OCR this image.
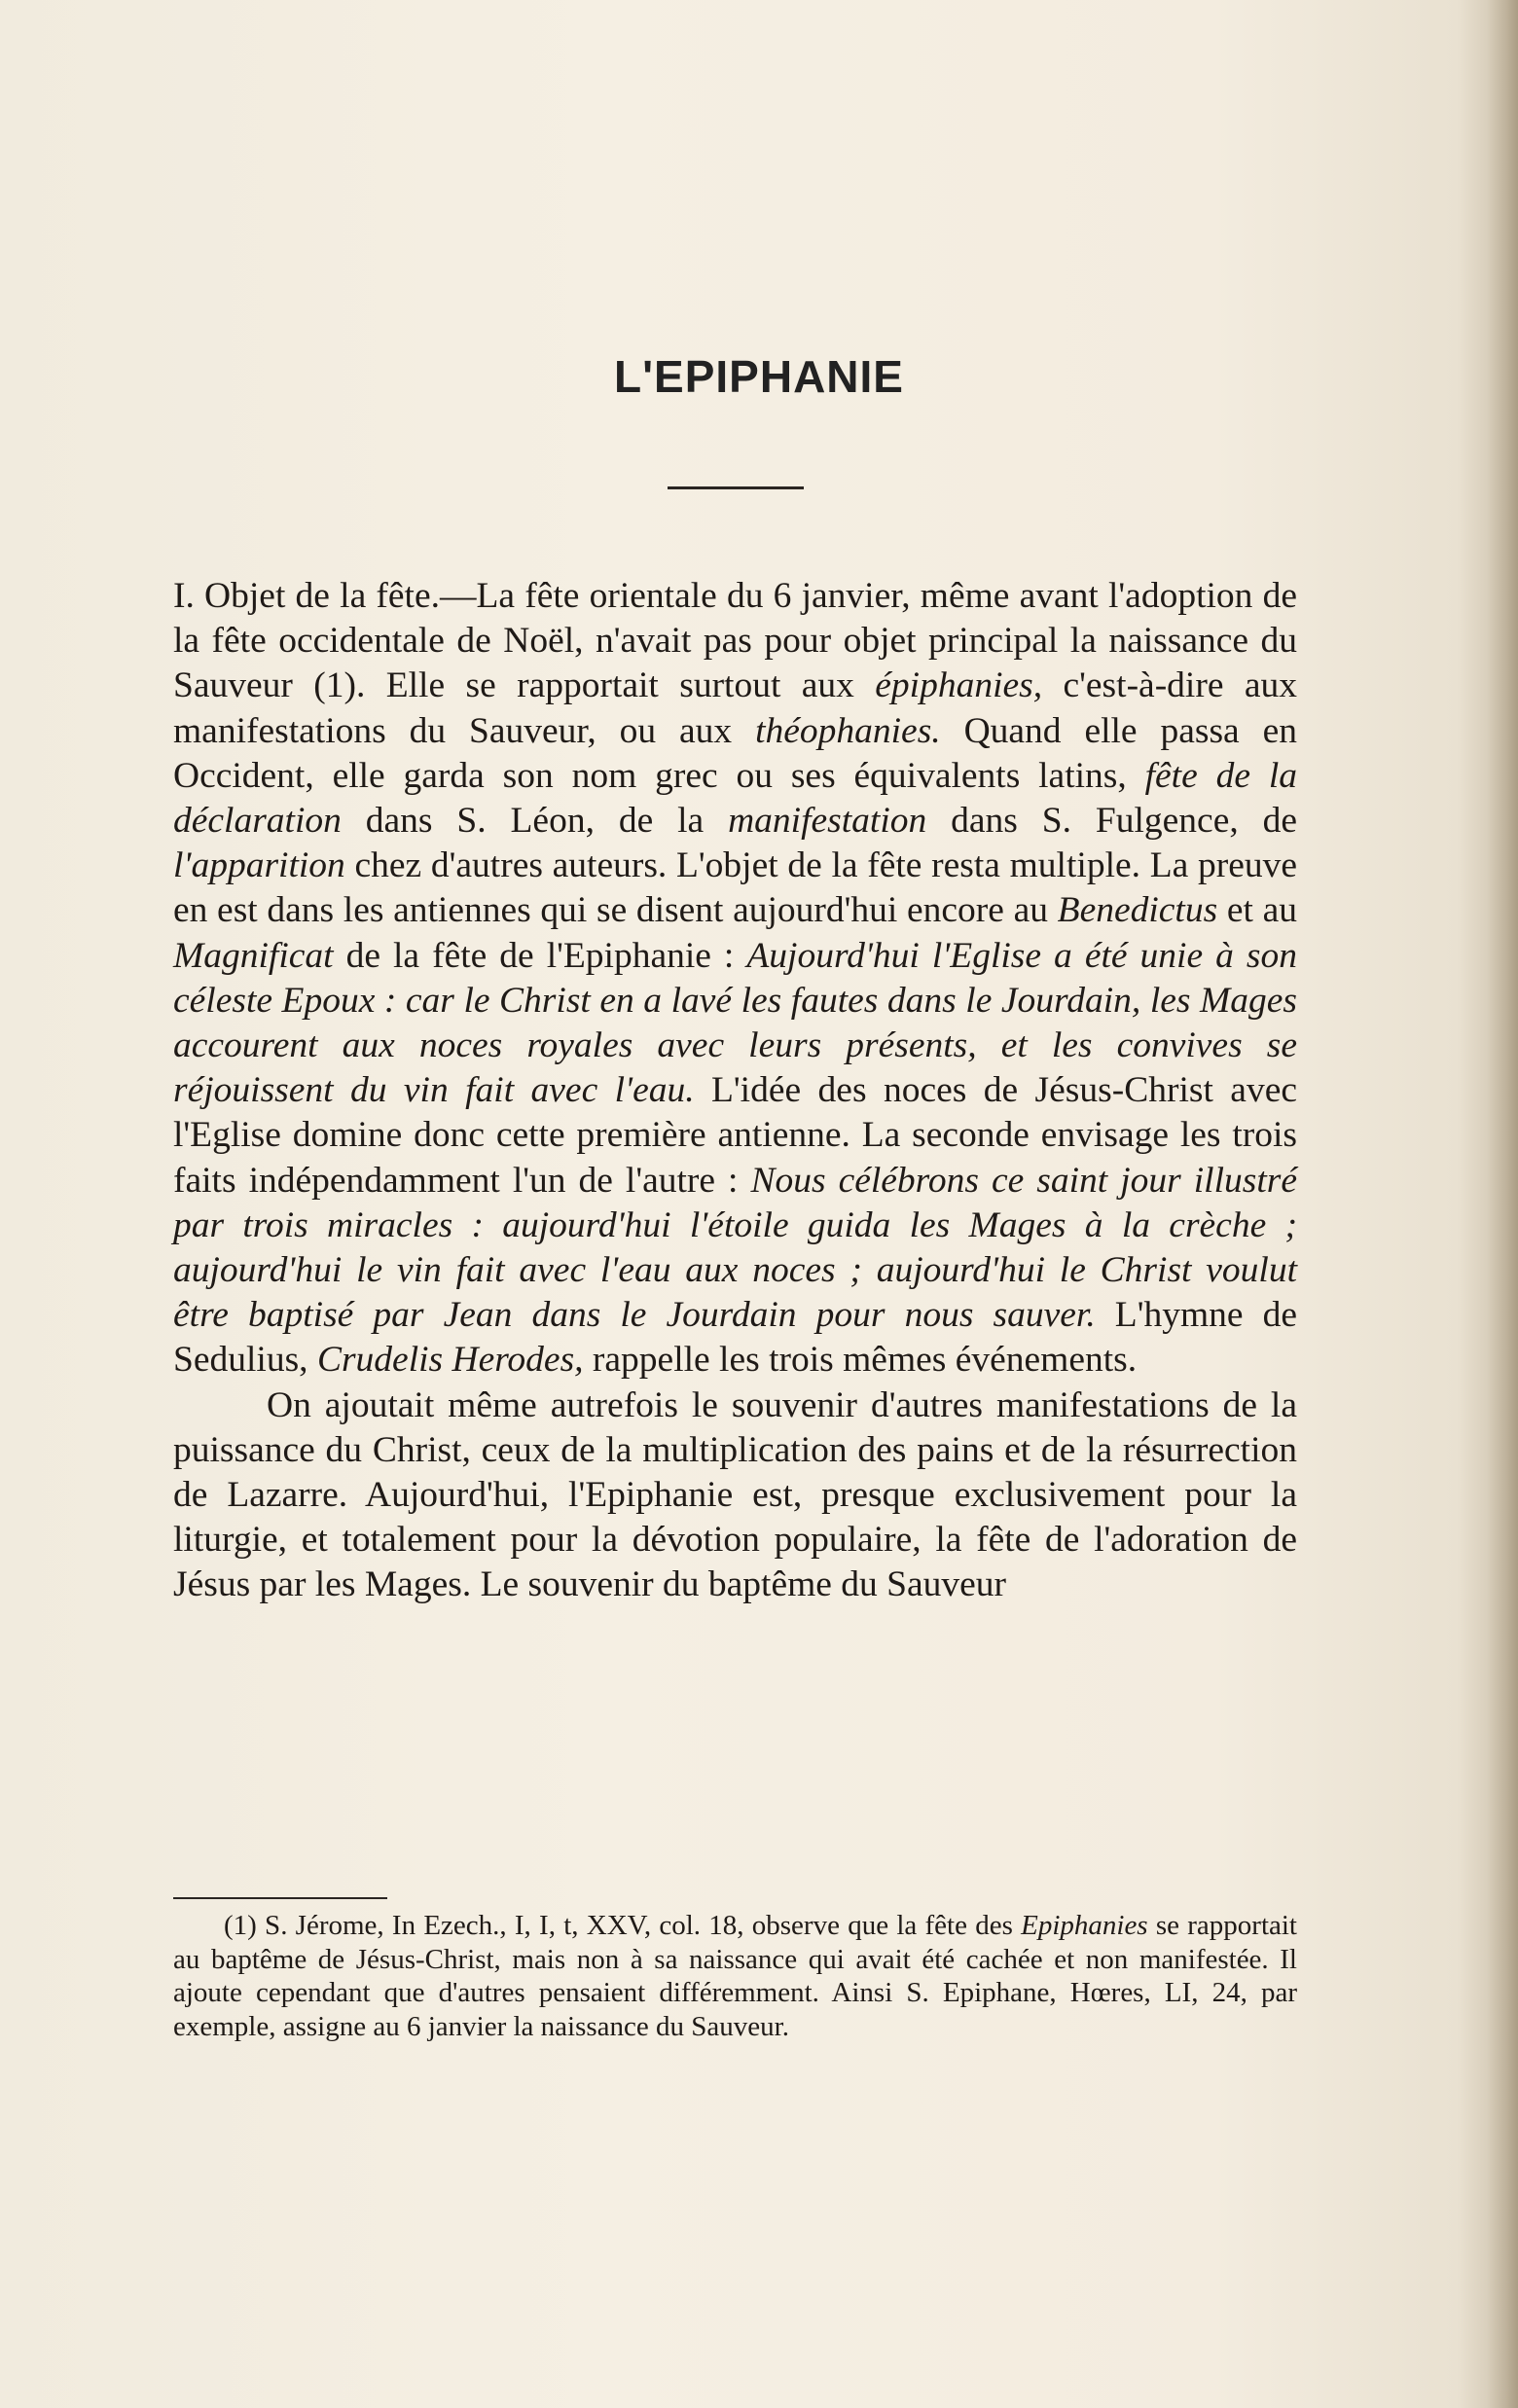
L'EPIPHANIE

I. Objet de la fête.—La fête orientale du 6 janvier, même avant l'adoption de la fête occidentale de Noël, n'avait pas pour objet principal la naissance du Sauveur (1). Elle se rapportait surtout aux épiphanies, c'est-à-dire aux manifestations du Sauveur, ou aux théophanies. Quand elle passa en Occident, elle garda son nom grec ou ses équivalents latins, fête de la déclaration dans S. Léon, de la manifestation dans S. Fulgence, de l'apparition chez d'autres auteurs. L'objet de la fête resta multiple. La preuve en est dans les antiennes qui se disent aujourd'hui encore au Benedictus et au Magnificat de la fête de l'Epiphanie : Aujourd'hui l'Eglise a été unie à son céleste Epoux : car le Christ en a lavé les fautes dans le Jourdain, les Mages accourent aux noces royales avec leurs présents, et les convives se réjouissent du vin fait avec l'eau. L'idée des noces de Jésus-Christ avec l'Eglise domine donc cette première antienne. La seconde envisage les trois faits indépendamment l'un de l'autre : Nous célébrons ce saint jour illustré par trois miracles : aujourd'hui l'étoile guida les Mages à la crèche ; aujourd'hui le vin fait avec l'eau aux noces ; aujourd'hui le Christ voulut être baptisé par Jean dans le Jourdain pour nous sauver. L'hymne de Sedulius, Crudelis Herodes, rappelle les trois mêmes événements.

On ajoutait même autrefois le souvenir d'autres manifestations de la puissance du Christ, ceux de la multiplication des pains et de la résurrection de Lazarre. Aujourd'hui, l'Epiphanie est, presque exclusivement pour la liturgie, et totalement pour la dévotion populaire, la fête de l'adoration de Jésus par les Mages. Le souvenir du baptême du Sauveur

(1) S. Jérome, In Ezech., I, I, t, XXV, col. 18, observe que la fête des Epiphanies se rapportait au baptême de Jésus-Christ, mais non à sa naissance qui avait été cachée et non manifestée. Il ajoute cependant que d'autres pensaient différemment. Ainsi S. Epiphane, Hœres, LI, 24, par exemple, assigne au 6 janvier la naissance du Sauveur.
